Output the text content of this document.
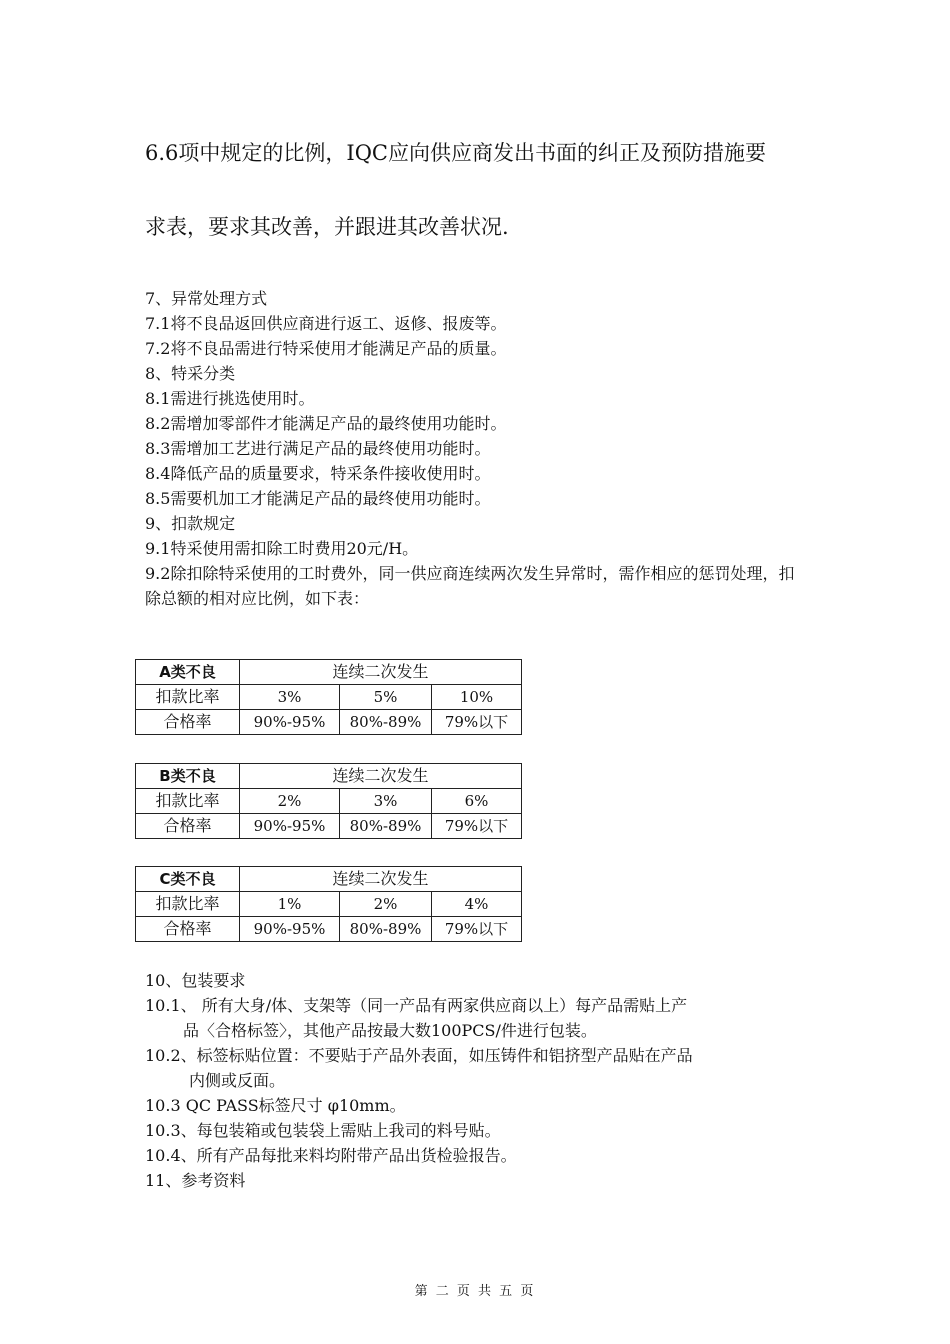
6.6项中规定的比例，IQC应向供应商发出书面的纠正及预防措施要
求表，要求其改善，并跟进其改善状况.
7、异常处理方式
7.1将不良品返回供应商进行返工、返修、报废等。
7.2将不良品需进行特采使用才能满足产品的质量。
8、特采分类
8.1需进行挑选使用时。
8.2需增加零部件才能满足产品的最终使用功能时。
8.3需增加工艺进行满足产品的最终使用功能时。
8.4降低产品的质量要求，特采条件接收使用时。
8.5需要机加工才能满足产品的最终使用功能时。
9、扣款规定
9.1特采使用需扣除工时费用20元/H。
9.2除扣除特采使用的工时费外，同一供应商连续两次发生异常时，需作相应的惩罚处理，扣除总额的相对应比例，如下表：
A类不良	连续二次发生		
扣款比率	3%	5%	10%
合格率	90%-95%	80%-89%	79%以下
B类不良	连续二次发生		
扣款比率	2%	3%	6%
合格率	90%-95%	80%-89%	79%以下
C类不良	连续二次发生		
扣款比率	1%	2%	4%
合格率	90%-95%	80%-89%	79%以下
10、包装要求
10.1、 所有大身/体、支架等（同一产品有两家供应商以上）每产品需贴上产
品〈合格标签〉，其他产品按最大数100PCS/件进行包装。
10.2、标签标贴位置：不要贴于产品外表面，如压铸件和铝挤型产品贴在产品
内侧或反面。
10.3 QC PASS标签尺寸 φ10mm。
10.3、每包装箱或包装袋上需贴上我司的料号贴。
10.4、所有产品每批来料均附带产品出货检验报告。
11、参考资料
第 二 页 共 五 页
